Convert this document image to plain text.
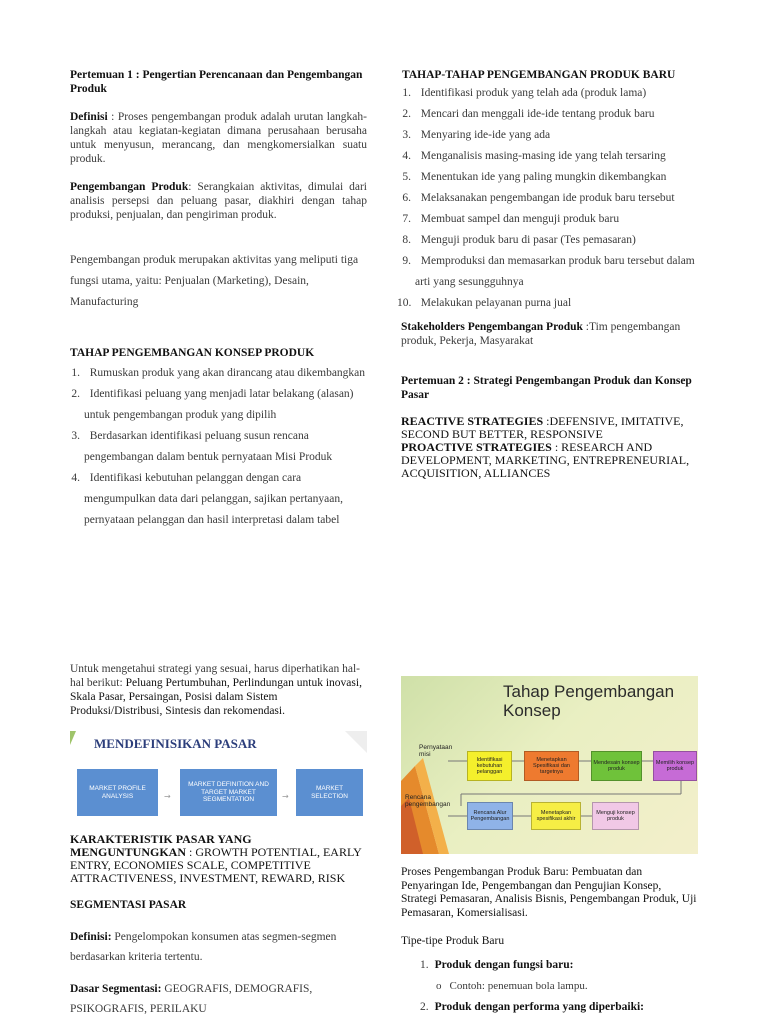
Pertemuan 1 : Pengertian Perencanaan dan Pengembangan Produk

Definisi : Proses pengembangan produk adalah urutan langkah-langkah atau kegiatan-kegiatan dimana perusahaan berusaha untuk menyusun, merancang, dan mengkomersialkan suatu produk.

Pengembangan Produk: Serangkaian aktivitas, dimulai dari analisis persepsi dan peluang pasar, diakhiri dengan tahap produksi, penjualan, dan pengiriman produk.

Pengembangan produk merupakan aktivitas yang meliputi tiga fungsi utama, yaitu: Penjualan (Marketing), Desain, Manufacturing

TAHAP PENGEMBANGAN KONSEP PRODUK

1. Rumuskan produk yang akan dirancang atau dikembangkan
2. Identifikasi peluang yang menjadi latar belakang (alasan) untuk pengembangan produk yang dipilih
3. Berdasarkan identifikasi peluang susun rencana pengembangan dalam bentuk pernyataan Misi Produk
4. Identifikasi kebutuhan pelanggan dengan cara mengumpulkan data dari pelanggan, sajikan pertanyaan, pernyataan pelanggan dan hasil interpretasi dalam tabel

TAHAP-TAHAP PENGEMBANGAN PRODUK BARU

1. Identifikasi produk yang telah ada (produk lama)
2. Mencari dan menggali ide-ide tentang produk baru
3. Menyaring ide-ide yang ada
4. Menganalisis masing-masing ide yang telah tersaring
5. Menentukan ide yang paling mungkin dikembangkan
6. Melaksanakan pengembangan ide produk baru tersebut
7. Membuat sampel dan menguji produk baru
8. Menguji produk baru di pasar (Tes pemasaran)
9. Memproduksi dan memasarkan produk baru tersebut dalam arti yang sesungguhnya
10. Melakukan pelayanan purna jual

Stakeholders Pengembangan Produk :Tim pengembangan produk, Pekerja, Masyarakat

Pertemuan 2 : Strategi Pengembangan Produk dan Konsep Pasar

REACTIVE STRATEGIES :DEFENSIVE, IMITATIVE, SECOND BUT BETTER, RESPONSIVE

PROACTIVE STRATEGIES : RESEARCH AND DEVELOPMENT, MARKETING, ENTREPRENEURIAL, ACQUISITION, ALLIANCES

Untuk mengetahui strategi yang sesuai, harus diperhatikan hal-hal berikut: Peluang Pertumbuhan, Perlindungan untuk inovasi, Skala Pasar, Persaingan, Posisi dalam Sistem Produksi/Distribusi, Sintesis dan rekomendasi.

MENDEFINISIKAN PASAR
MARKET PROFILE ANALYSIS	→
MARKET DEFINITION AND TARGET MARKET SEGMENTATION	→
MARKET SELECTION

KARAKTERISTIK PASAR YANG MENGUNTUNGKAN : GROWTH POTENTIAL, EARLY ENTRY, ECONOMIES SCALE, COMPETITIVE ATTRACTIVENESS, INVESTMENT, REWARD, RISK

SEGMENTASI PASAR

Definisi: Pengelompokan konsumen atas segmen-segmen berdasarkan kriteria tertentu.

Dasar Segmentasi: GEOGRAFIS, DEMOGRAFIS, PSIKOGRAFIS, PERILAKU

Tahap Pengembangan
Konsep
Pernyataan misi
Rencana pengembangan
Identifikasi kebutuhan pelanggan
Menetapkan Spesifikasi dan targetnya
Mendesain konsep produk
Memilih konsep produk
Rencana Alur Pengembangan
Menetapkan spesifikasi akhir
Menguji konsep produk

Proses Pengembangan Produk Baru: Pembuatan dan Penyaringan Ide, Pengembangan dan Pengujian Konsep, Strategi Pemasaran, Analisis Bisnis, Pengembangan Produk, Uji Pemasaran, Komersialisasi.

Tipe-tipe Produk Baru

1. Produk dengan fungsi baru:
o Contoh: penemuan bola lampu.
2. Produk dengan performa yang diperbaiki:
